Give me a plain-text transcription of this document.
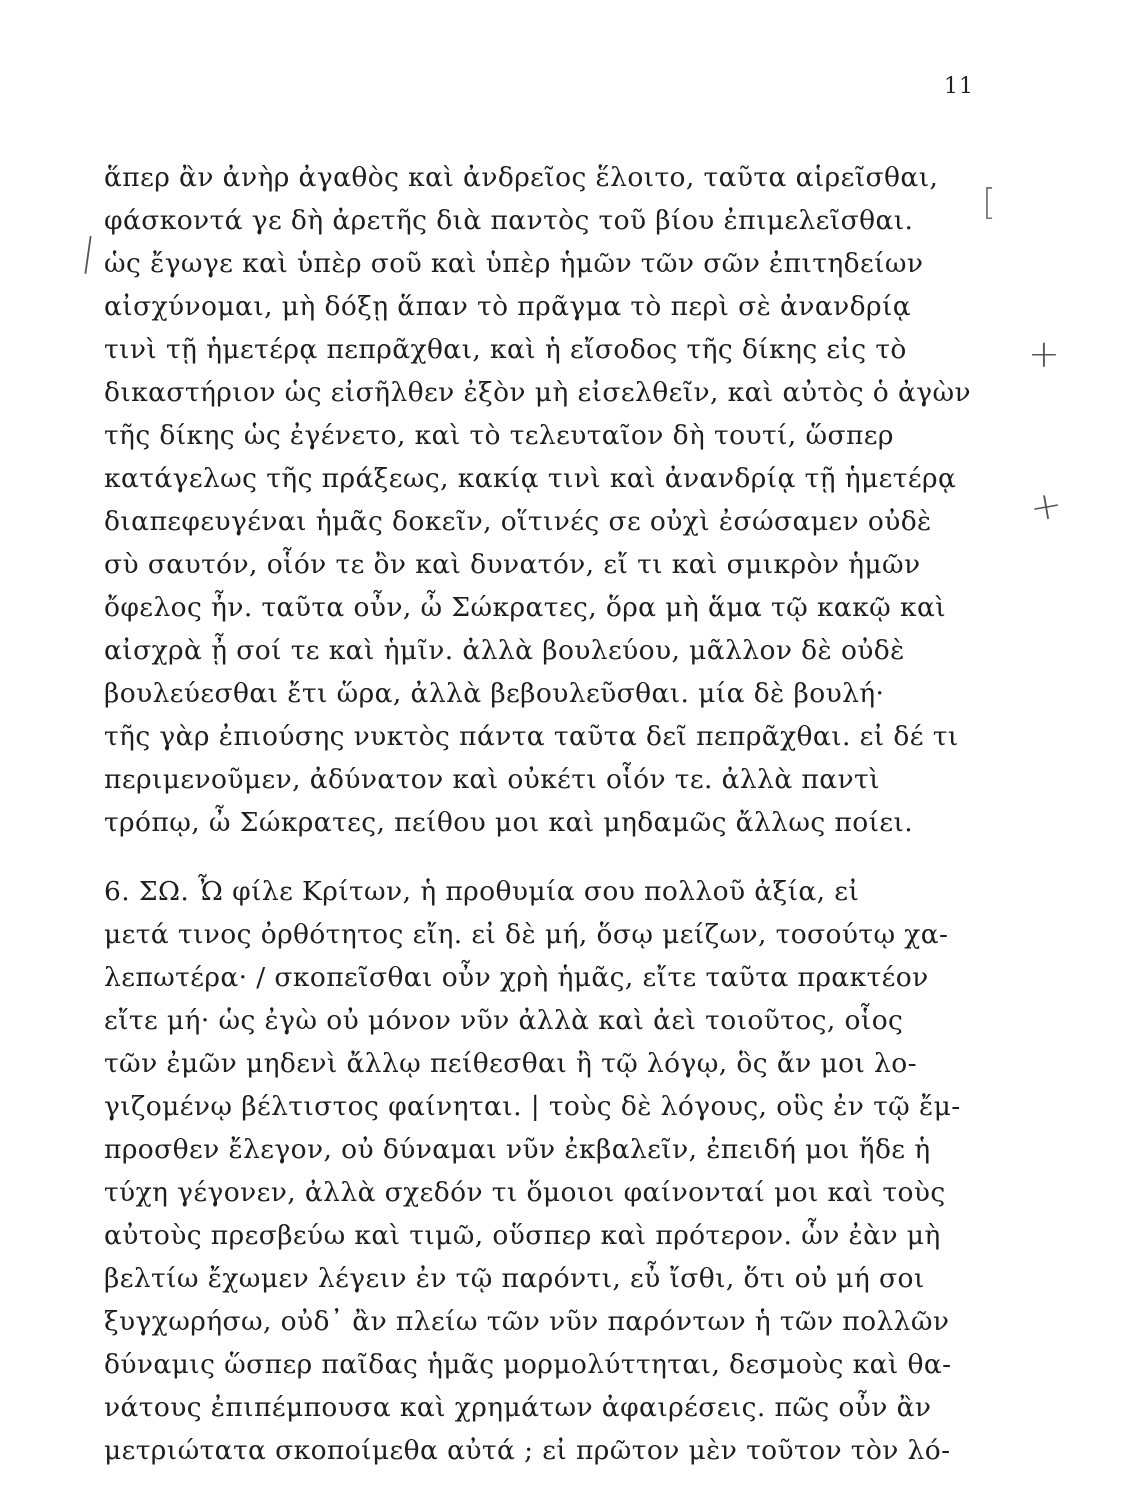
11
ἅπερ ἂν ἀνὴρ ἀγαθὸς καὶ ἀνδρεῖος ἕλοιτο, ταῦτα αἱρεῖσθαι,
φάσκοντά γε δὴ ἀρετῆς διὰ παντὸς τοῦ βίου ἐπιμελεῖσθαι.
ὡς ἔγωγε καὶ ὑπὲρ σοῦ καὶ ὑπὲρ ἡμῶν τῶν σῶν ἐπιτηδείων
αἰσχύνομαι, μὴ δόξῃ ἅπαν τὸ πρᾶγμα τὸ περὶ σὲ ἀνανδρίᾳ
τινὶ τῇ ἡμετέρᾳ πεπρᾶχθαι, καὶ ἡ εἴσοδος τῆς δίκης εἰς τὸ
δικαστήριον ὡς εἰσῆλθεν ἐξὸν μὴ εἰσελθεῖν, καὶ αὐτὸς ὁ ἀγὼν
τῆς δίκης ὡς ἐγένετο, καὶ τὸ τελευταῖον δὴ τουτί, ὥσπερ
κατάγελως τῆς πράξεως, κακίᾳ τινὶ καὶ ἀνανδρίᾳ τῇ ἡμετέρᾳ
διαπεφευγέναι ἡμᾶς δοκεῖν, οἵτινές σε οὐχὶ ἐσώσαμεν οὐδὲ
σὺ σαυτόν, οἷόν τε ὂν καὶ δυνατόν, εἴ τι καὶ σμικρὸν ἡμῶν
ὄφελος ἦν. ταῦτα οὖν, ὦ Σώκρατες, ὅρα μὴ ἅμα τῷ κακῷ καὶ
αἰσχρὰ ᾖ σοί τε καὶ ἡμῖν. ἀλλὰ βουλεύου, μᾶλλον δὲ οὐδὲ
βουλεύεσθαι ἔτι ὥρα, ἀλλὰ βεβουλεῦσθαι. μία δὲ βουλή·
τῆς γὰρ ἐπιούσης νυκτὸς πάντα ταῦτα δεῖ πεπρᾶχθαι. εἰ δέ τι
περιμενοῦμεν, ἀδύνατον καὶ οὐκέτι οἷόν τε. ἀλλὰ παντὶ
τρόπῳ, ὦ Σώκρατες, πείθου μοι καὶ μηδαμῶς ἄλλως ποίει.
6. ΣΩ. Ὦ φίλε Κρίτων, ἡ προθυμία σου πολλοῦ ἀξία, εἰ
μετά τινος ὀρθότητος εἴη. εἰ δὲ μή, ὅσῳ μείζων, τοσούτῳ χα-
λεπωτέρα· / σκοπεῖσθαι οὖν χρὴ ἡμᾶς, εἴτε ταῦτα πρακτέον
εἴτε μή· ὡς ἐγὼ οὐ μόνον νῦν ἀλλὰ καὶ ἀεὶ τοιοῦτος, οἷος
τῶν ἐμῶν μηδενὶ ἄλλῳ πείθεσθαι ἢ τῷ λόγῳ, ὃς ἄν μοι λο-
γιζομένῳ βέλτιστος φαίνηται. | τοὺς δὲ λόγους, οὓς ἐν τῷ ἔμ-
προσθεν ἔλεγον, οὐ δύναμαι νῦν ἐκβαλεῖν, ἐπειδή μοι ἥδε ἡ
τύχη γέγονεν, ἀλλὰ σχεδόν τι ὅμοιοι φαίνονταί μοι καὶ τοὺς
αὐτοὺς πρεσβεύω καὶ τιμῶ, οὕσπερ καὶ πρότερον. ὧν ἐὰν μὴ
βελτίω ἔχωμεν λέγειν ἐν τῷ παρόντι, εὖ ἴσθι, ὅτι οὐ μή σοι
ξυγχωρήσω, οὐδ᾽ ἂν πλείω τῶν νῦν παρόντων ἡ τῶν πολλῶν
δύναμις ὥσπερ παῖδας ἡμᾶς μορμολύττηται, δεσμοὺς καὶ θα-
νάτους ἐπιπέμπουσα καὶ χρημάτων ἀφαιρέσεις. πῶς οὖν ἂν
μετριώτατα σκοποίμεθα αὐτά ; εἰ πρῶτον μὲν τοῦτον τὸν λό-
|
[
+
+
